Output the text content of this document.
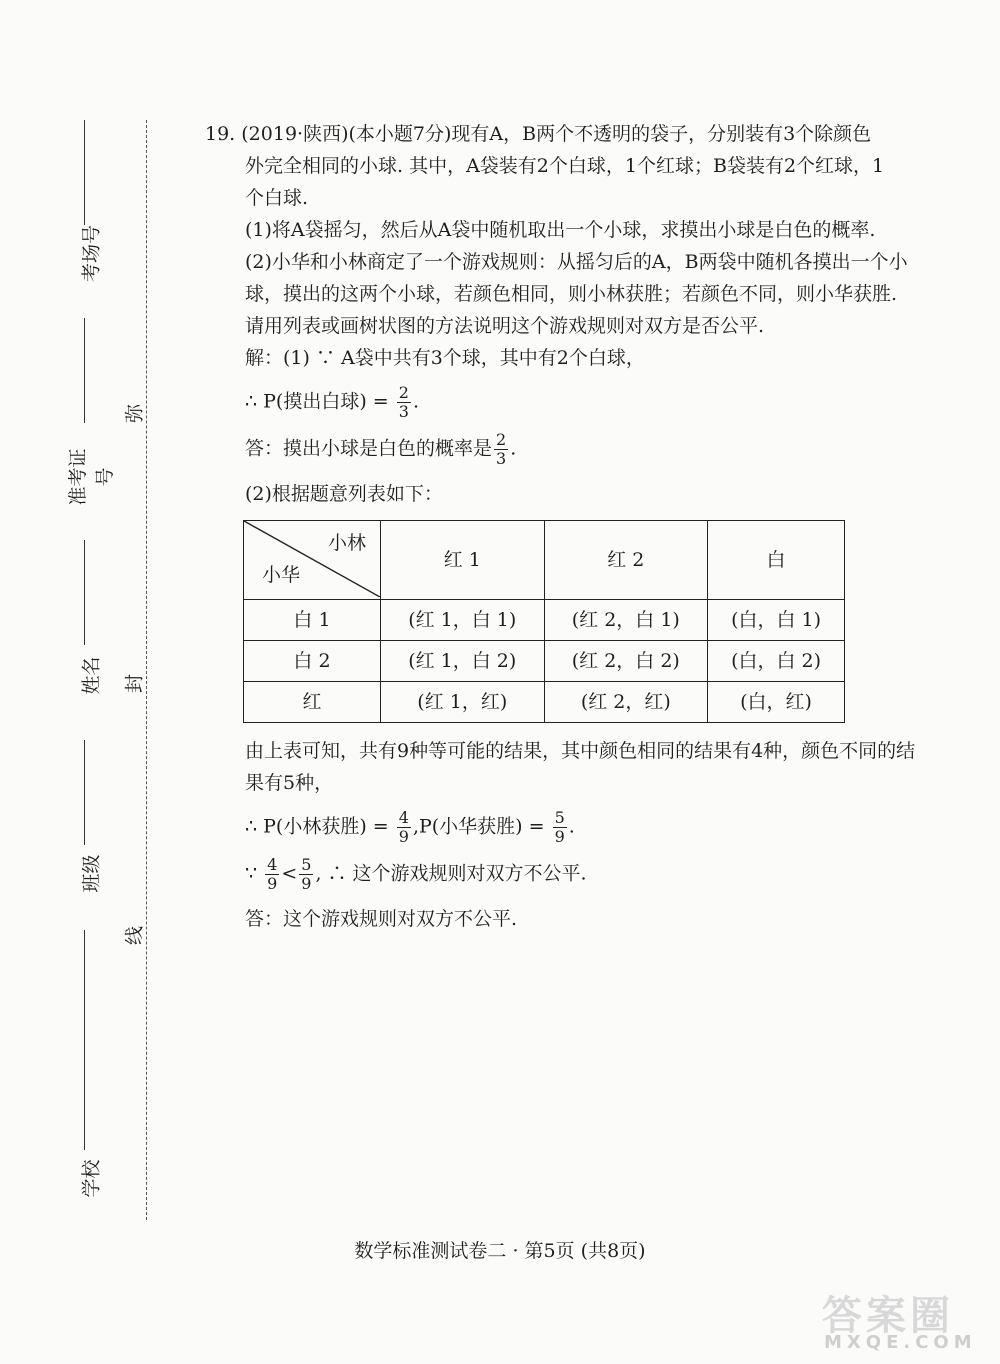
考场号
准考证号
姓名
班级
学校
弥
封
线

19. (2019·陕西)(本小题7分)现有A，B两个不透明的袋子，分别装有3个除颜色

外完全相同的小球. 其中，A袋装有2个白球，1个红球；B袋装有2个红球，1

个白球.

(1)将A袋摇匀，然后从A袋中随机取出一个小球，求摸出小球是白色的概率.

(2)小华和小林商定了一个游戏规则：从摇匀后的A，B两袋中随机各摸出一个小

球，摸出的这两个小球，若颜色相同，则小林获胜；若颜色不同，则小华获胜.

请用列表或画树状图的方法说明这个游戏规则对双方是否公平.

解：(1) ∵ A袋中共有3个球，其中有2个白球，

∴ P(摸出白球) = $\frac{2}{3}$ .

答：摸出小球是白色的概率是 $\frac{2}{3}$ .

(2)根据题意列表如下：

小林
小华	红 1	红 2	白
白 1	(红 1，白 1)	(红 2，白 1)	(白，白 1)
白 2	(红 1，白 2)	(红 2，白 2)	(白，白 2)
红	(红 1，红)	(红 2，红)	(白，红)

由上表可知，共有9种等可能的结果，其中颜色相同的结果有4种，颜色不同的结

果有5种，

∴ P(小林获胜) = $\frac{4}{9} ,P$(小华获胜) = $\frac{5}{9}$ .

∵ $\frac{4}{9} < \frac{5}{9}$ , ∴ 这个游戏规则对双方不公平.

答：这个游戏规则对双方不公平.

数学标准测试卷二 · 第5页 (共8页)
答案圈
MXQE.COM
